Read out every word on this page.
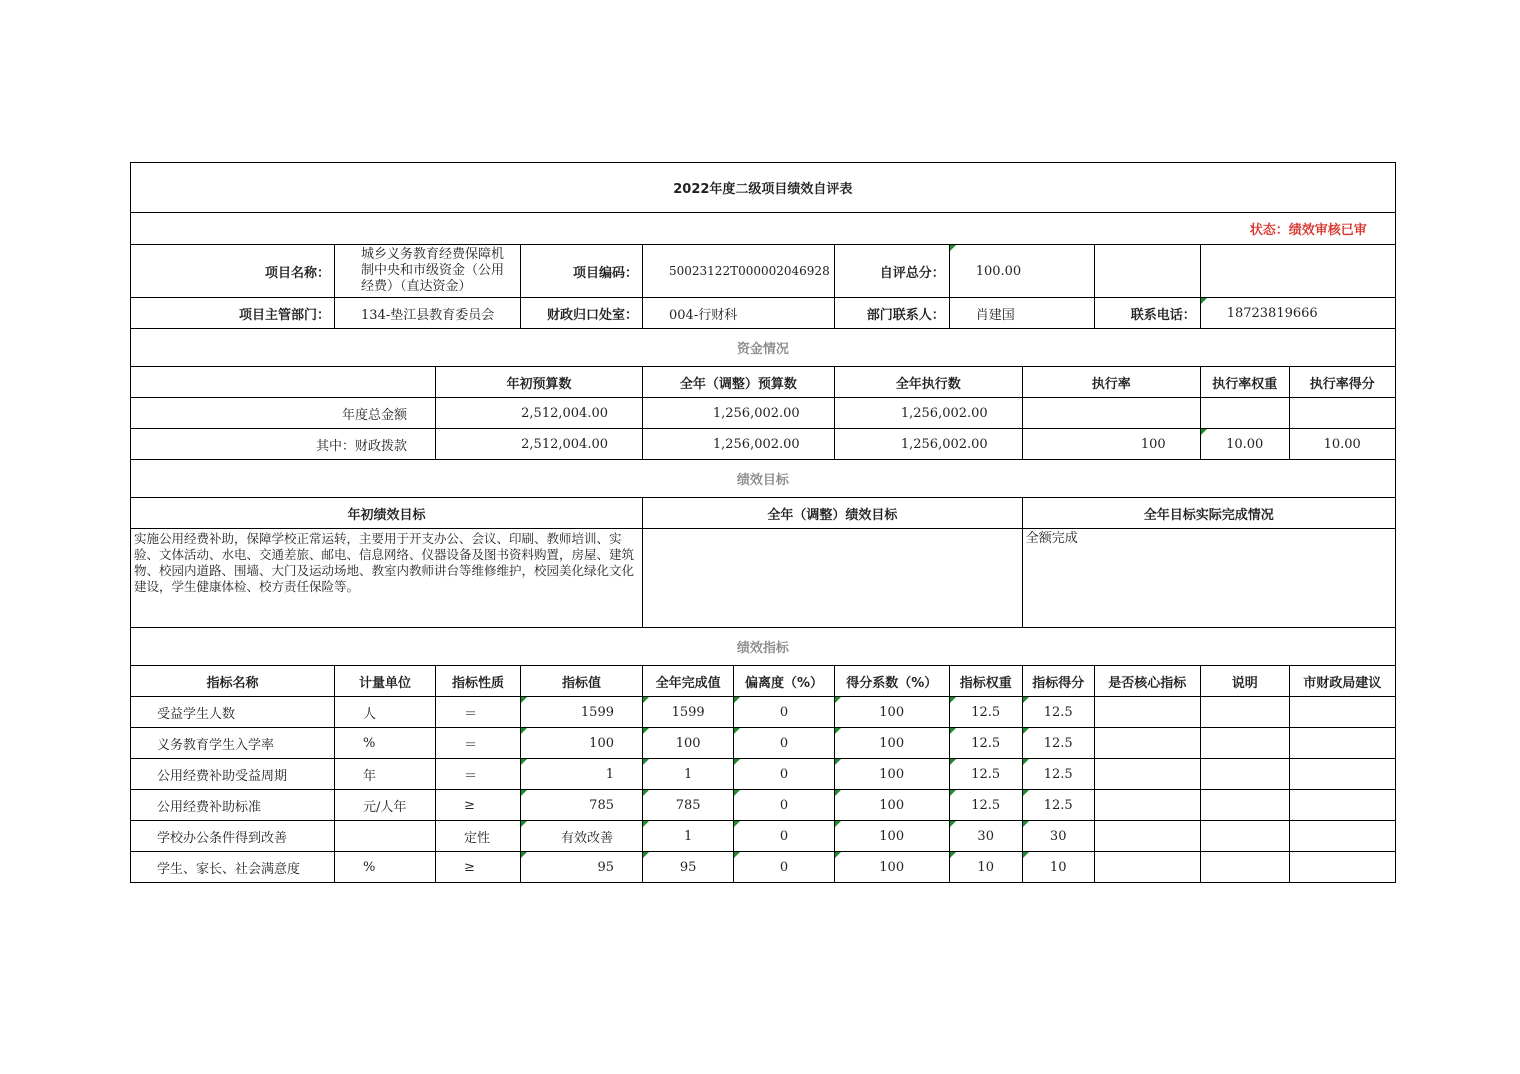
2022年度二级项目绩效自评表											
状态：绩效审核已审											
项目名称：	城乡义务教育经费保障机制中央和市级资金（公用经费）（直达资金）		项目编码：	50023122T000002046928		自评总分：	100.00				
项目主管部门：	134-垫江县教育委员会		财政归口处室：	004-行财科		部门联系人：	肖建国		联系电话：	18723819666	
资金情况											
		年初预算数		全年（调整）预算数		全年执行数		执行率		执行率权重	执行率得分
年度总金额		2,512,004.00		1,256,002.00		1,256,002.00					
其中：财政拨款		2,512,004.00		1,256,002.00		1,256,002.00		100		10.00	10.00
绩效目标											
年初绩效目标				全年（调整）绩效目标				全年目标实际完成情况			
实施公用经费补助，保障学校正常运转，主要用于开支办公、会议、印刷、教师培训、实验、文体活动、水电、交通差旅、邮电、信息网络、仪器设备及图书资料购置，房屋、建筑物、校园内道路、围墙、大门及运动场地、教室内教师讲台等维修维护，校园美化绿化文化建设，学生健康体检、校方责任保险等。								全额完成			
绩效指标											
指标名称	计量单位	指标性质	指标值	全年完成值	偏离度（%）	得分系数（%）	指标权重	指标得分	是否核心指标	说明	市财政局建议
受益学生人数	人	＝	1599	1599	0	100	12.5	12.5			
义务教育学生入学率	%	＝	100	100	0	100	12.5	12.5			
公用经费补助受益周期	年	＝	1	1	0	100	12.5	12.5			
公用经费补助标准	元/人年	≥	785	785	0	100	12.5	12.5			
学校办公条件得到改善		定性	有效改善	1	0	100	30	30			
学生、家长、社会满意度	%	≥	95	95	0	100	10	10			
